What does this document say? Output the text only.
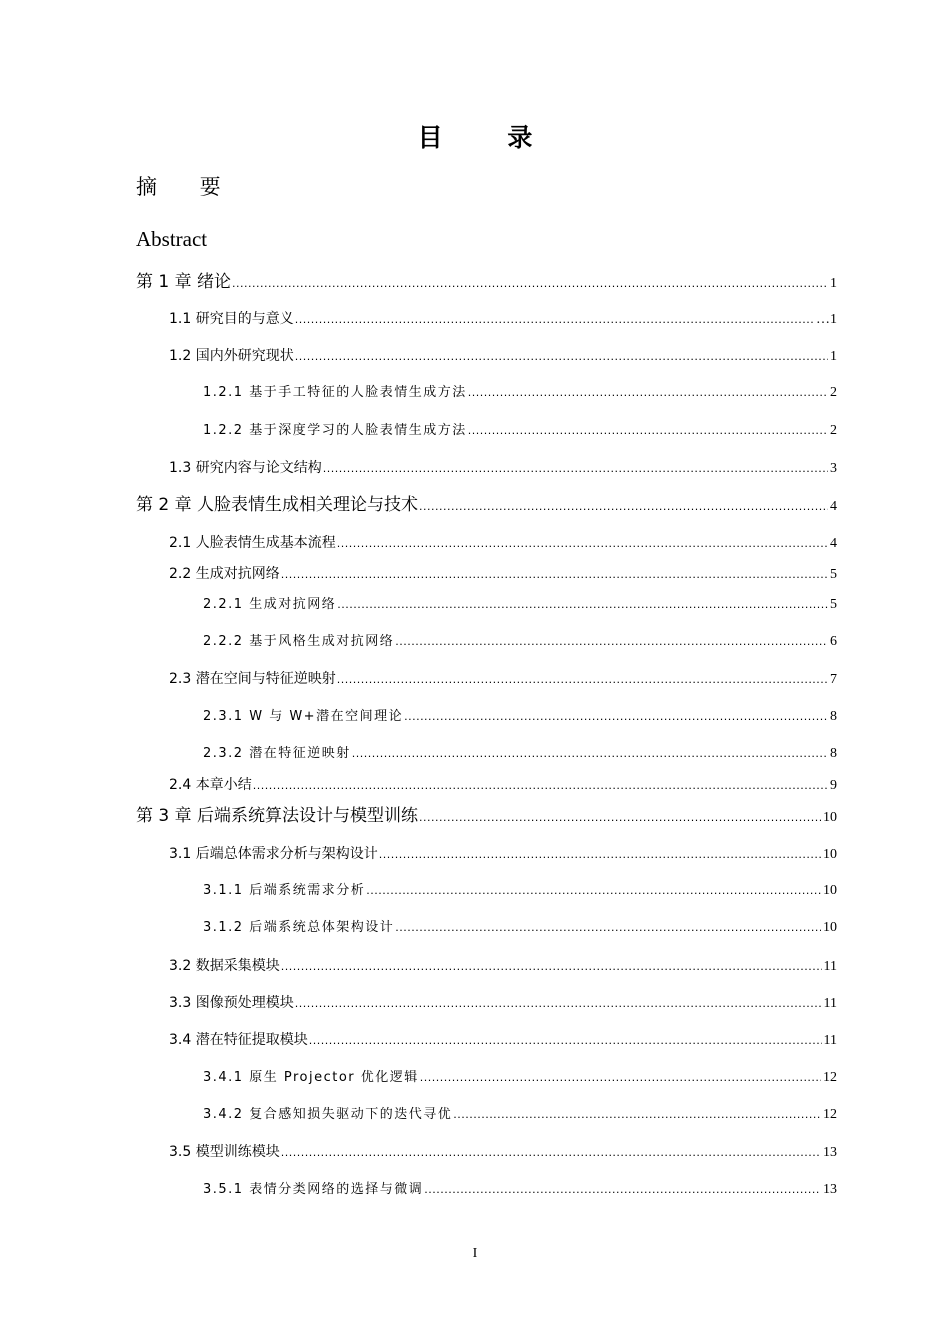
目 录
摘 要
Abstract
第 1 章 绪论 .....	1
1.1 研究目的与意义 .....	…1
1.2 国内外研究现状 .....	1
1.2.1 基于手工特征的人脸表情生成方法 .....	2
1.2.2 基于深度学习的人脸表情生成方法 .....	2
1.3 研究内容与论文结构 .....	3
第 2 章 人脸表情生成相关理论与技术 .....	4
2.1 人脸表情生成基本流程 .....	4
2.2 生成对抗网络 .....	5
2.2.1 生成对抗网络 .....	5
2.2.2 基于风格生成对抗网络 .....	6
2.3 潜在空间与特征逆映射 .....	7
2.3.1 W 与 W+潜在空间理论 .....	8
2.3.2 潜在特征逆映射 .....	8
2.4 本章小结 .....	9
第 3 章 后端系统算法设计与模型训练 .....	10
3.1 后端总体需求分析与架构设计 .....	10
3.1.1 后端系统需求分析 .....	10
3.1.2 后端系统总体架构设计 .....	10
3.2 数据采集模块 .....	11
3.3 图像预处理模块 .....	11
3.4 潜在特征提取模块 .....	11
3.4.1 原生 Projector 优化逻辑 .....	12
3.4.2 复合感知损失驱动下的迭代寻优 .....	12
3.5 模型训练模块 .....	13
3.5.1 表情分类网络的选择与微调 .....	13
I
